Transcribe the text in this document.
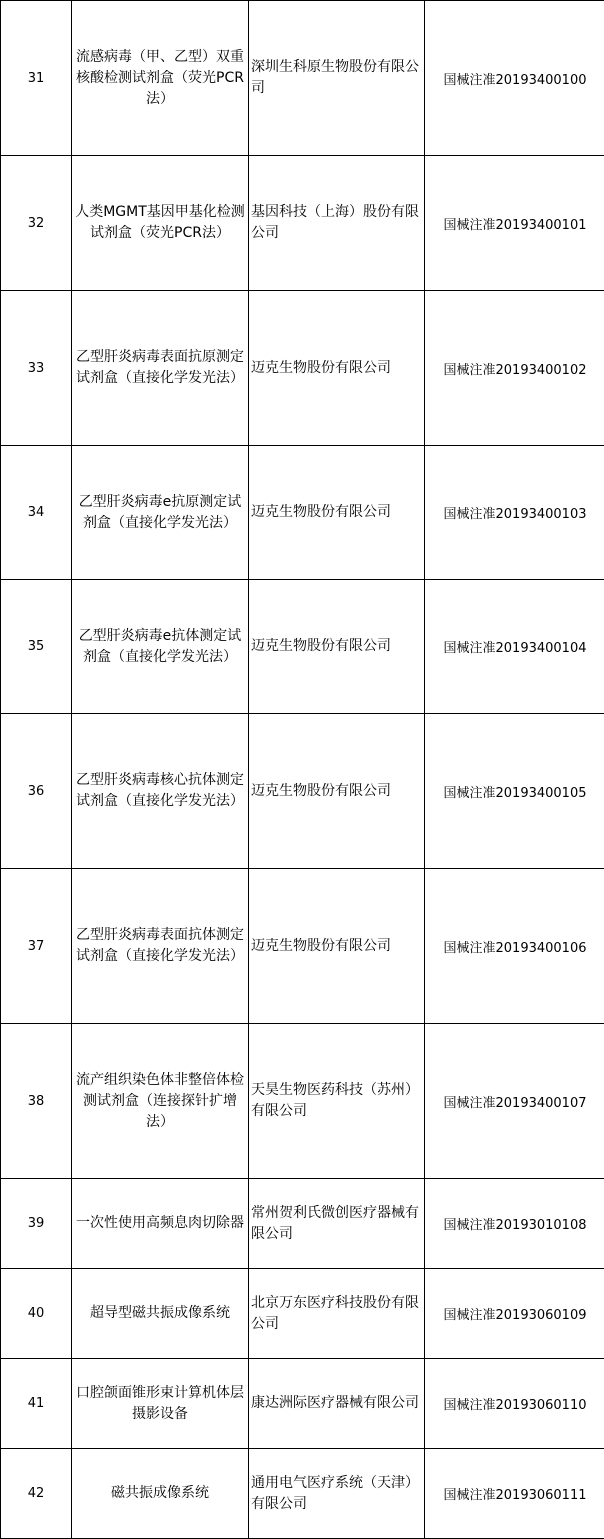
31	流感病毒（甲、乙型）双重核酸检测试剂盒（荧光PCR法）	深圳生科原生物股份有限公司	国械注准20193400100
32	人类MGMT基因甲基化检测试剂盒（荧光PCR法）	基因科技（上海）股份有限公司	国械注准20193400101
33	乙型肝炎病毒表面抗原测定试剂盒（直接化学发光法）	迈克生物股份有限公司	国械注准20193400102
34	乙型肝炎病毒e抗原测定试剂盒（直接化学发光法）	迈克生物股份有限公司	国械注准20193400103
35	乙型肝炎病毒e抗体测定试剂盒（直接化学发光法）	迈克生物股份有限公司	国械注准20193400104
36	乙型肝炎病毒核心抗体测定试剂盒（直接化学发光法）	迈克生物股份有限公司	国械注准20193400105
37	乙型肝炎病毒表面抗体测定试剂盒（直接化学发光法）	迈克生物股份有限公司	国械注准20193400106
38	流产组织染色体非整倍体检测试剂盒（连接探针扩增法）	天昊生物医药科技（苏州）有限公司	国械注准20193400107
39	一次性使用高频息肉切除器	常州贺利氏微创医疗器械有限公司	国械注准20193010108
40	超导型磁共振成像系统	北京万东医疗科技股份有限公司	国械注准20193060109
41	口腔颌面锥形束计算机体层摄影设备	康达洲际医疗器械有限公司	国械注准20193060110
42	磁共振成像系统	通用电气医疗系统（天津）有限公司	国械注准20193060111
